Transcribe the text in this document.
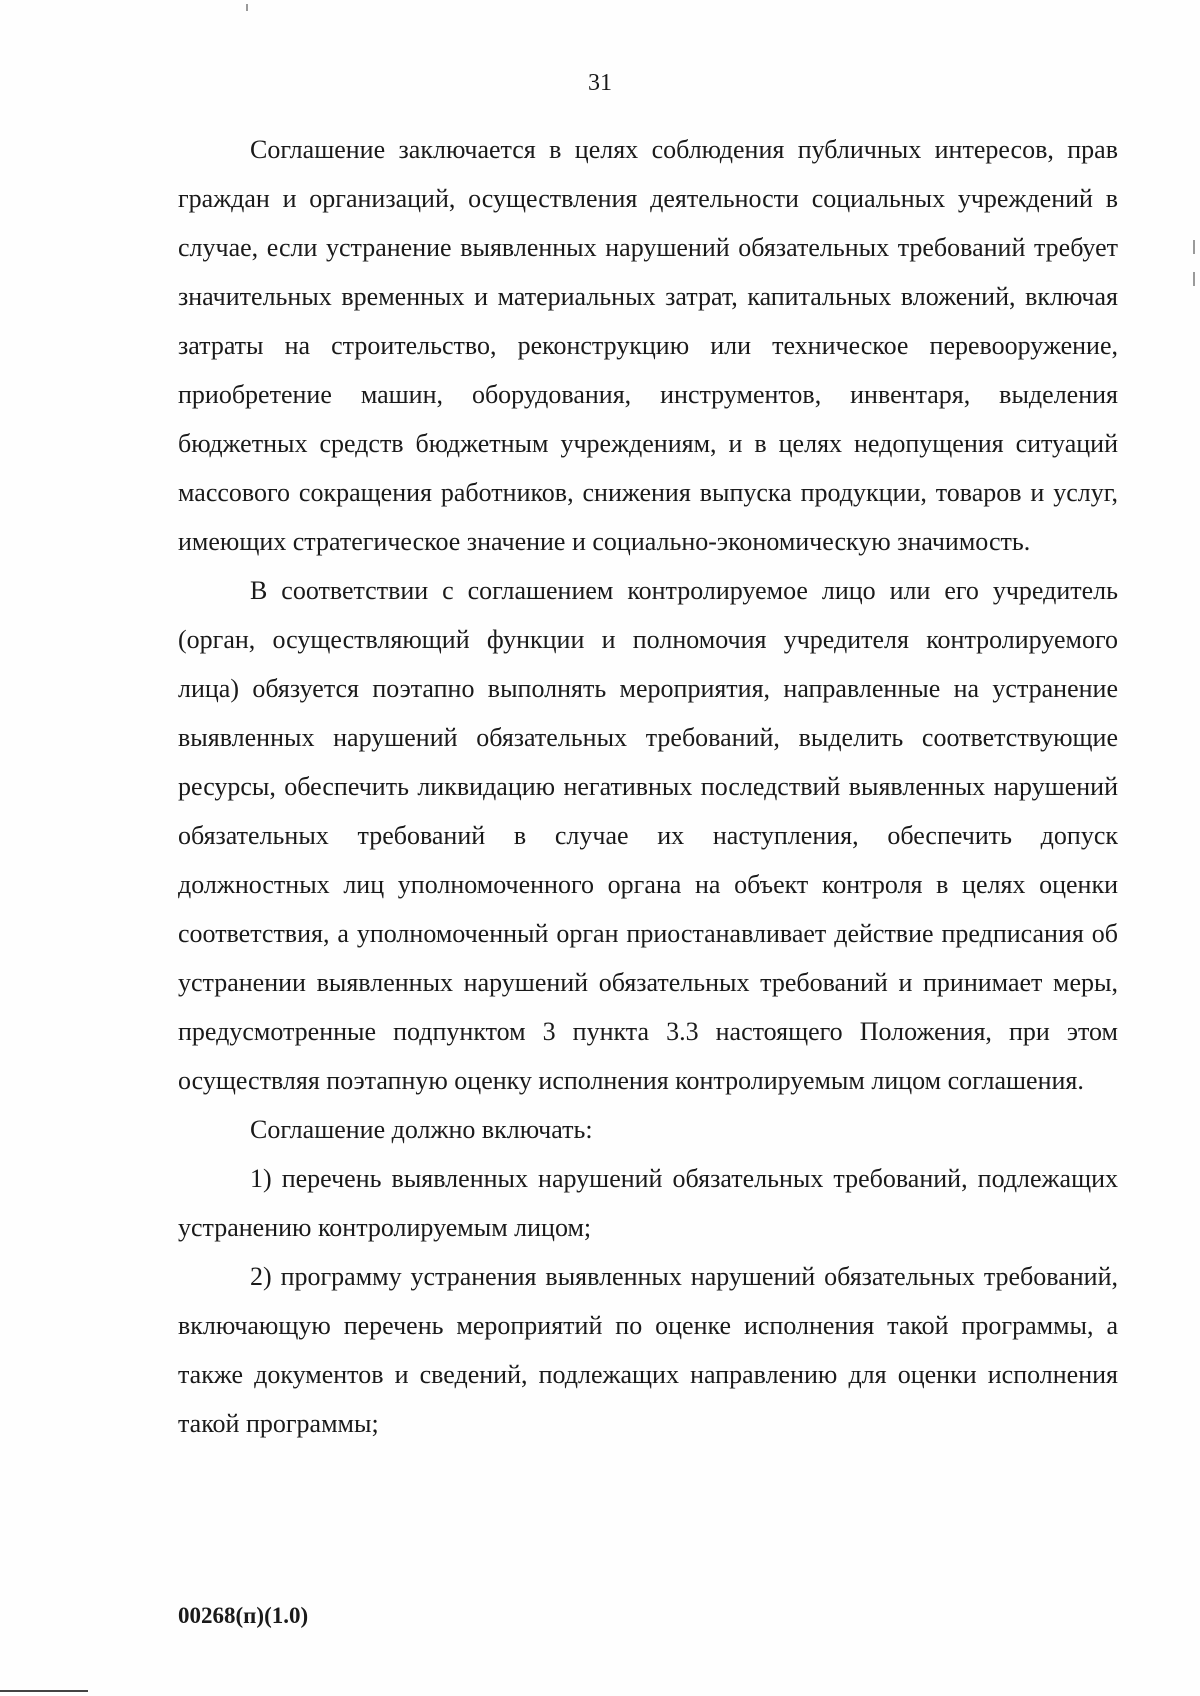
31

Соглашение заключается в целях соблюдения публичных интересов, прав граждан и организаций, осуществления деятельности социальных учреждений в случае, если устранение выявленных нарушений обязательных требований требует значительных временных и материальных затрат, капитальных вложений, включая затраты на строительство, реконструкцию или техническое перевооружение, приобретение машин, оборудования, инструментов, инвентаря, выделения бюджетных средств бюджетным учреждениям, и в целях недопущения ситуаций массового сокращения работников, снижения выпуска продукции, товаров и услуг, имеющих стратегическое значение и социально-экономическую значимость.

В соответствии с соглашением контролируемое лицо или его учредитель (орган, осуществляющий функции и полномочия учредителя контролируемого лица) обязуется поэтапно выполнять мероприятия, направленные на устранение выявленных нарушений обязательных требований, выделить соответствующие ресурсы, обеспечить ликвидацию негативных последствий выявленных нарушений обязательных требований в случае их наступления, обеспечить допуск должностных лиц уполномоченного органа на объект контроля в целях оценки соответствия, а уполномоченный орган приостанавливает действие предписания об устранении выявленных нарушений обязательных требований и принимает меры, предусмотренные подпунктом 3 пункта 3.3 настоящего Положения, при этом осуществляя поэтапную оценку исполнения контролируемым лицом соглашения.

Соглашение должно включать:

1) перечень выявленных нарушений обязательных требований, подлежащих устранению контролируемым лицом;

2) программу устранения выявленных нарушений обязательных требований, включающую перечень мероприятий по оценке исполнения такой программы, а также документов и сведений, подлежащих направлению для оценки исполнения такой программы;

00268(п)(1.0)
